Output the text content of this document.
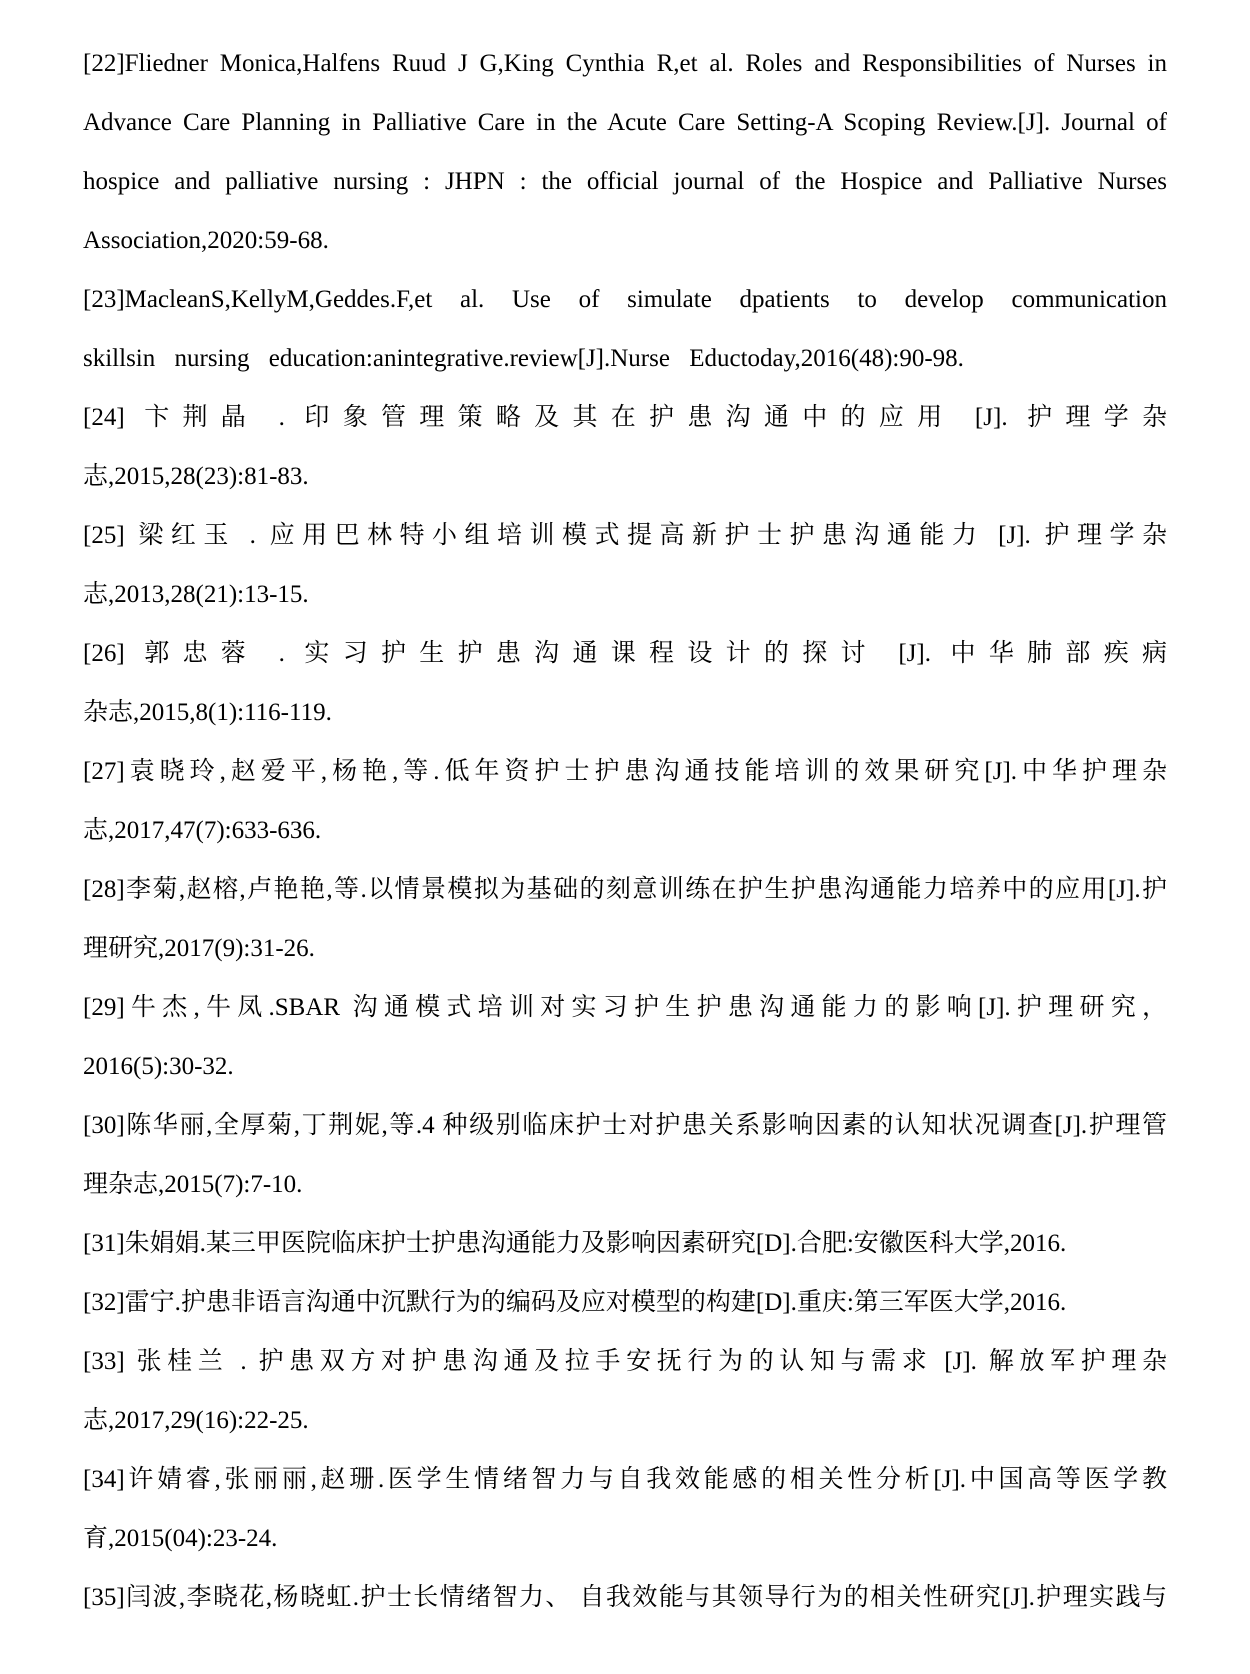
[22]Fliedner Monica,Halfens Ruud J G,King Cynthia R,et al. Roles and Responsibilities of Nurses in
Advance Care Planning in Palliative Care in the Acute Care Setting-A Scoping Review.[J]. Journal of
hospice and palliative nursing : JHPN : the official journal of the Hospice and Palliative Nurses
Association,2020:59-68.
[23]MacleanS,KellyM,Geddes.F,et al. Use of simulate dpatients to develop communication
skillsin nursing education:anintegrative.review[J].Nurse Eductoday,2016(48):90-98.
[24] 卞荆晶 . 印象管理策略及其在护患沟通中的应用 [J]. 护理学杂
志,2015,28(23):81-83.
[25] 梁红玉 . 应用巴林特小组培训模式提高新护士护患沟通能力 [J]. 护理学杂
志,2013,28(21):13-15.
[26] 郭忠蓉 . 实习护生护患沟通课程设计的探讨 [J]. 中华肺部疾病
杂志,2015,8(1):116-119.
[27]袁晓玲,赵爱平,杨艳,等.低年资护士护患沟通技能培训的效果研究[J].中华护理杂
志,2017,47(7):633-636.
[28]李菊,赵榕,卢艳艳,等.以情景模拟为基础的刻意训练在护生护患沟通能力培养中的应用[J].护
理研究,2017(9):31-26.
[29]牛杰,牛凤.SBAR 沟通模式培训对实习护生护患沟通能力的影响[J].护理研究，
2016(5):30-32.
[30]陈华丽,全厚菊,丁荆妮,等.4 种级别临床护士对护患关系影响因素的认知状况调查[J].护理管
理杂志,2015(7):7-10.
[31]朱娟娟.某三甲医院临床护士护患沟通能力及影响因素研究[D].合肥:安徽医科大学,2016.
[32]雷宁.护患非语言沟通中沉默行为的编码及应对模型的构建[D].重庆:第三军医大学,2016.
[33] 张桂兰 . 护患双方对护患沟通及拉手安抚行为的认知与需求 [J]. 解放军护理杂
志,2017,29(16):22-25.
[34]许婧睿,张丽丽,赵珊.医学生情绪智力与自我效能感的相关性分析[J].中国高等医学教
育,2015(04):23-24.
[35]闫波,李晓花,杨晓虹.护士长情绪智力、 自我效能与其领导行为的相关性研究[J].护理实践与
